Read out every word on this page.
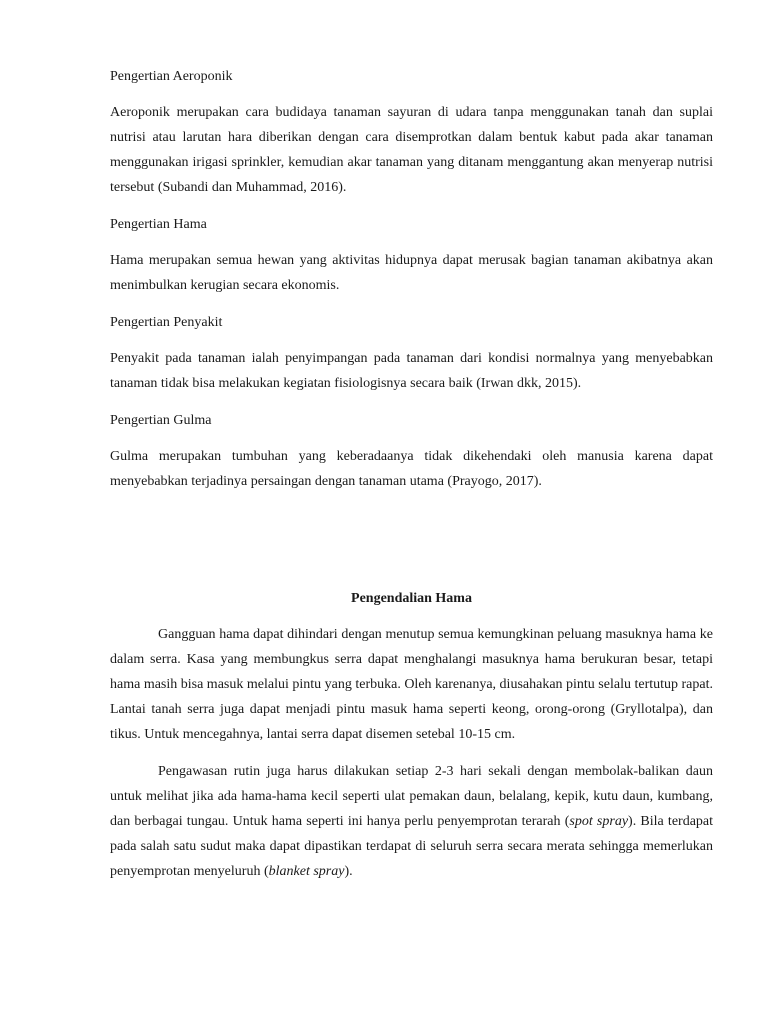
Pengertian Aeroponik

Aeroponik merupakan cara budidaya tanaman sayuran di udara tanpa menggunakan tanah dan suplai nutrisi atau larutan hara diberikan dengan cara disemprotkan dalam bentuk kabut pada akar tanaman menggunakan irigasi sprinkler, kemudian akar tanaman yang ditanam menggantung akan menyerap nutrisi tersebut (Subandi dan Muhammad, 2016).

Pengertian Hama

Hama merupakan semua hewan yang aktivitas hidupnya dapat merusak bagian tanaman akibatnya akan menimbulkan kerugian secara ekonomis.

Pengertian Penyakit

Penyakit pada tanaman ialah penyimpangan pada tanaman dari kondisi normalnya yang menyebabkan tanaman tidak bisa melakukan kegiatan fisiologisnya secara baik (Irwan dkk, 2015).

Pengertian Gulma

Gulma merupakan tumbuhan yang keberadaanya tidak dikehendaki oleh manusia karena dapat menyebabkan terjadinya persaingan dengan tanaman utama (Prayogo, 2017).

Pengendalian Hama

Gangguan hama dapat dihindari dengan menutup semua kemungkinan peluang masuknya hama ke dalam serra. Kasa yang membungkus serra dapat menghalangi masuknya hama berukuran besar, tetapi hama masih bisa masuk melalui pintu yang terbuka. Oleh karenanya, diusahakan pintu selalu tertutup rapat. Lantai tanah serra juga dapat menjadi pintu masuk hama seperti keong, orong-orong (Gryllotalpa), dan tikus. Untuk mencegahnya, lantai serra dapat disemen setebal 10-15 cm.

Pengawasan rutin juga harus dilakukan setiap 2-3 hari sekali dengan membolak-balikan daun untuk melihat jika ada hama-hama kecil seperti ulat pemakan daun, belalang, kepik, kutu daun, kumbang, dan berbagai tungau. Untuk hama seperti ini hanya perlu penyemprotan terarah (spot spray). Bila terdapat pada salah satu sudut maka dapat dipastikan terdapat di seluruh serra secara merata sehingga memerlukan penyemprotan menyeluruh (blanket spray).
